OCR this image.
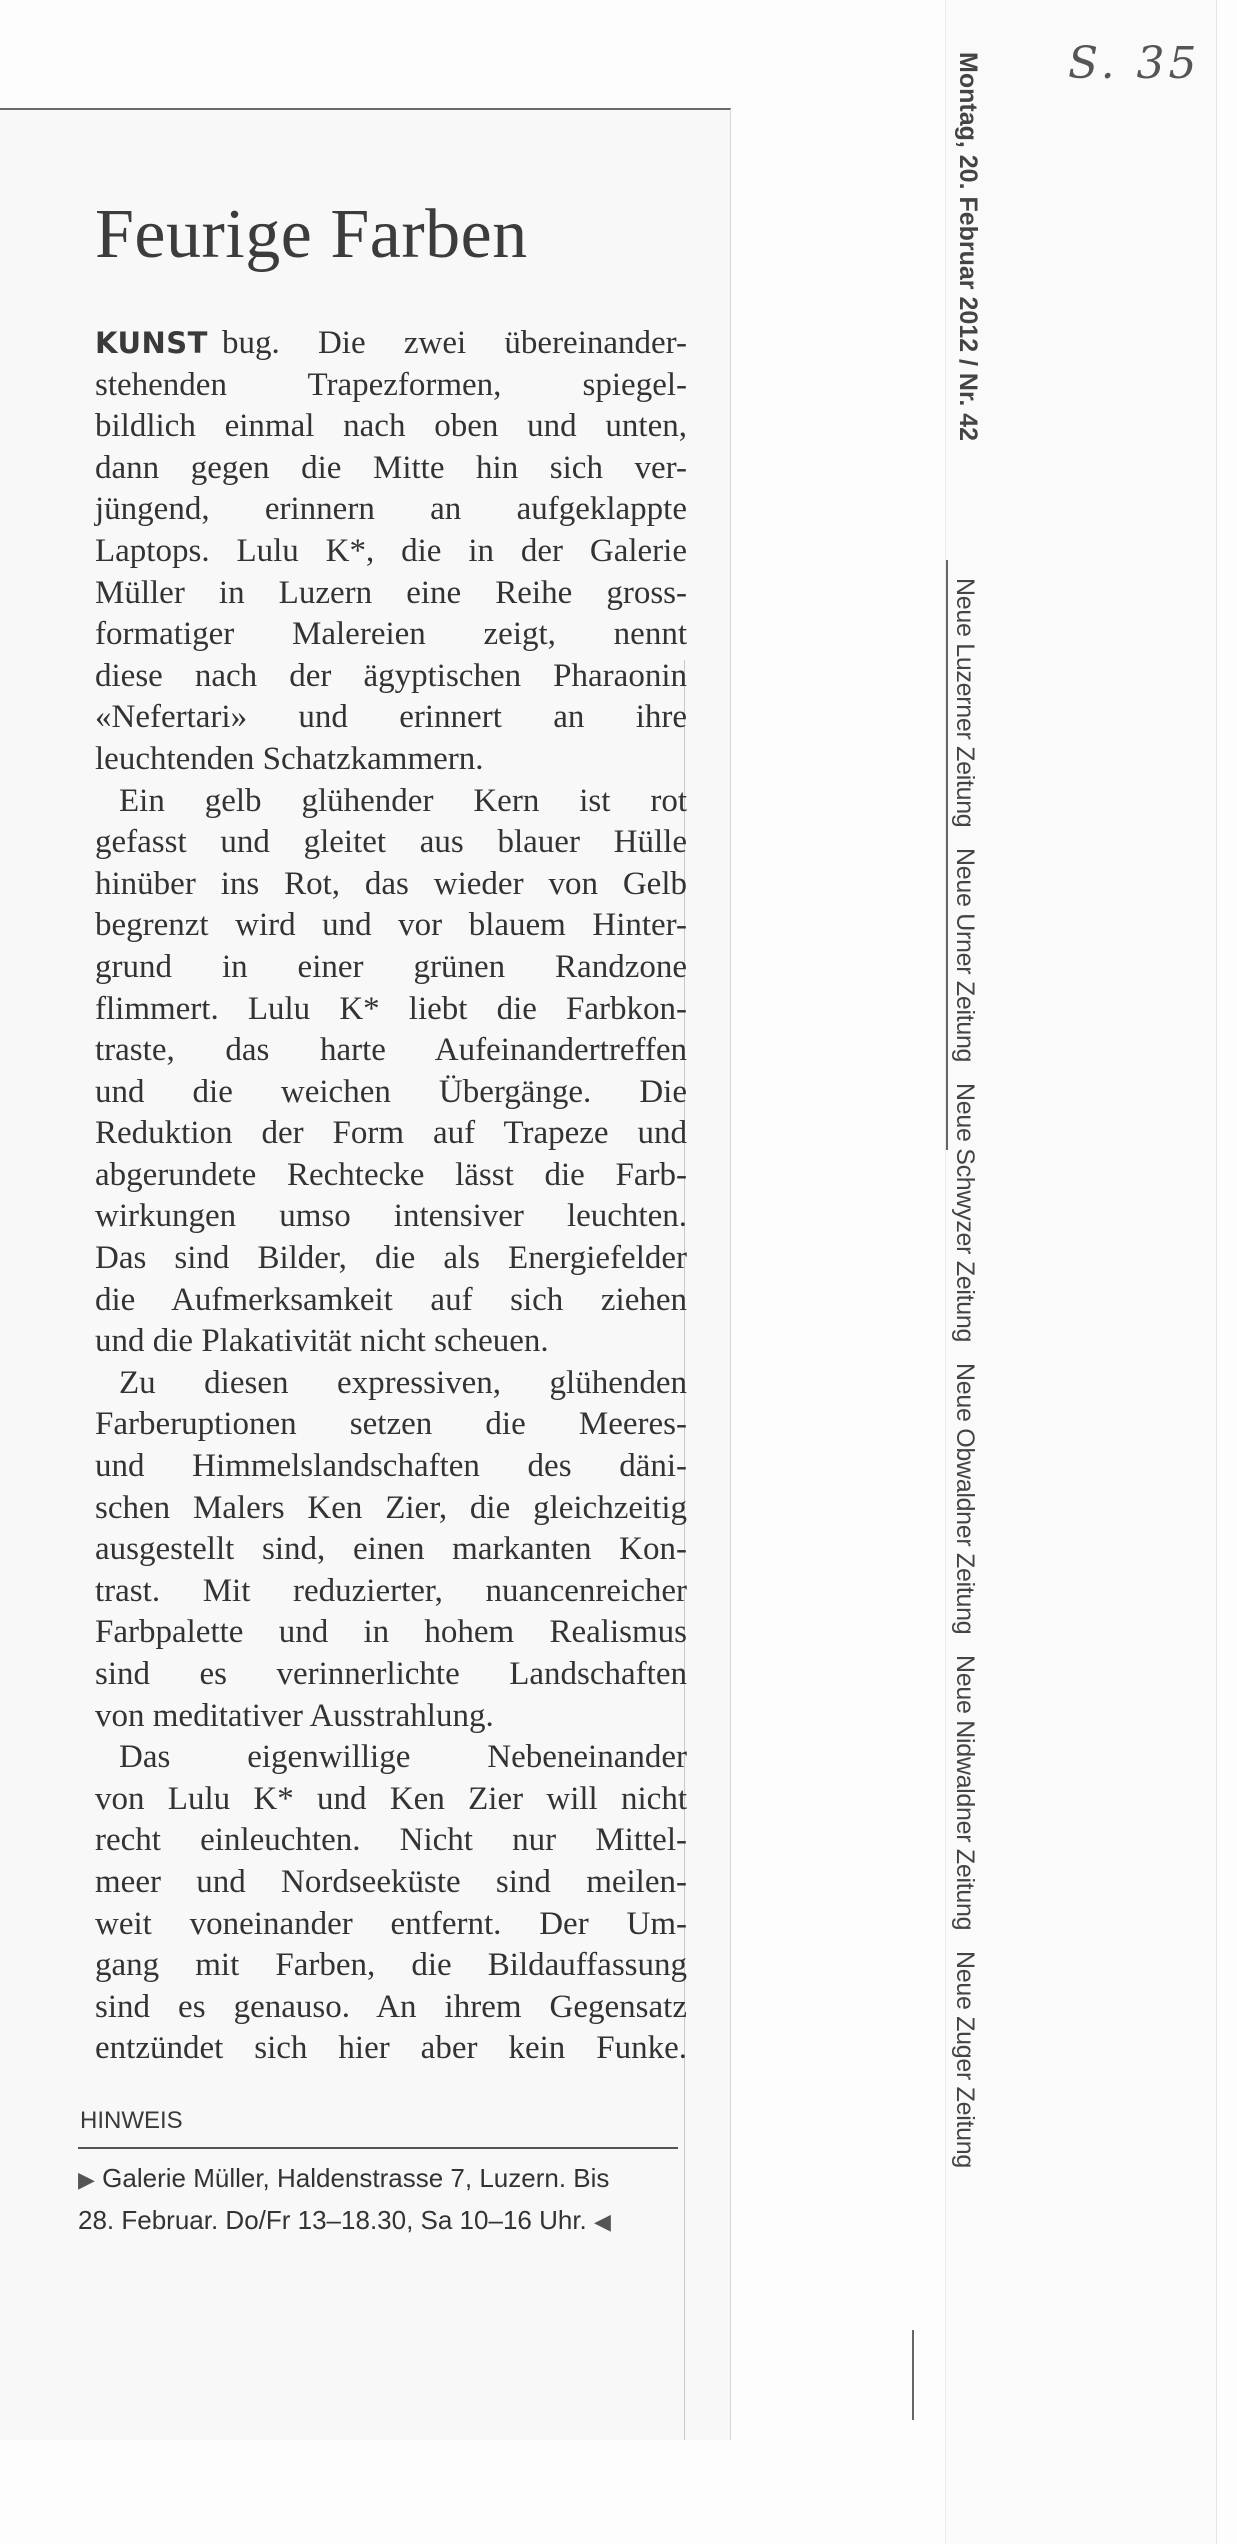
S. 35
Montag, 20. Februar 2012 / Nr. 42
Neue Luzerner Zeitung Neue Urner Zeitung Neue Schwyzer Zeitung Neue Obwaldner Zeitung Neue Nidwaldner Zeitung Neue Zuger Zeitung
Feurige Farben
KUNST bug. Die zwei übereinander-
stehenden Trapezformen, spiegel-
bildlich einmal nach oben und unten,
dann gegen die Mitte hin sich ver-
jüngend, erinnern an aufgeklappte
Laptops. Lulu K*, die in der Galerie
Müller in Luzern eine Reihe gross-
formatiger Malereien zeigt, nennt
diese nach der ägyptischen Pharaonin
«Nefertari» und erinnert an ihre
leuchtenden Schatzkammern.
Ein gelb glühender Kern ist rot
gefasst und gleitet aus blauer Hülle
hinüber ins Rot, das wieder von Gelb
begrenzt wird und vor blauem Hinter-
grund in einer grünen Randzone
flimmert. Lulu K* liebt die Farbkon-
traste, das harte Aufeinandertreffen
und die weichen Übergänge. Die
Reduktion der Form auf Trapeze und
abgerundete Rechtecke lässt die Farb-
wirkungen umso intensiver leuchten.
Das sind Bilder, die als Energiefelder
die Aufmerksamkeit auf sich ziehen
und die Plakativität nicht scheuen.
Zu diesen expressiven, glühenden
Farberuptionen setzen die Meeres-
und Himmelslandschaften des däni-
schen Malers Ken Zier, die gleichzeitig
ausgestellt sind, einen markanten Kon-
trast. Mit reduzierter, nuancenreicher
Farbpalette und in hohem Realismus
sind es verinnerlichte Landschaften
von meditativer Ausstrahlung.
Das eigenwillige Nebeneinander
von Lulu K* und Ken Zier will nicht
recht einleuchten. Nicht nur Mittel-
meer und Nordseeküste sind meilen-
weit voneinander entfernt. Der Um-
gang mit Farben, die Bildauffassung
sind es genauso. An ihrem Gegensatz
entzündet sich hier aber kein Funke.
HINWEIS
▶ Galerie Müller, Haldenstrasse 7, Luzern. Bis
28. Februar. Do/Fr 13–18.30, Sa 10–16 Uhr. ◀
